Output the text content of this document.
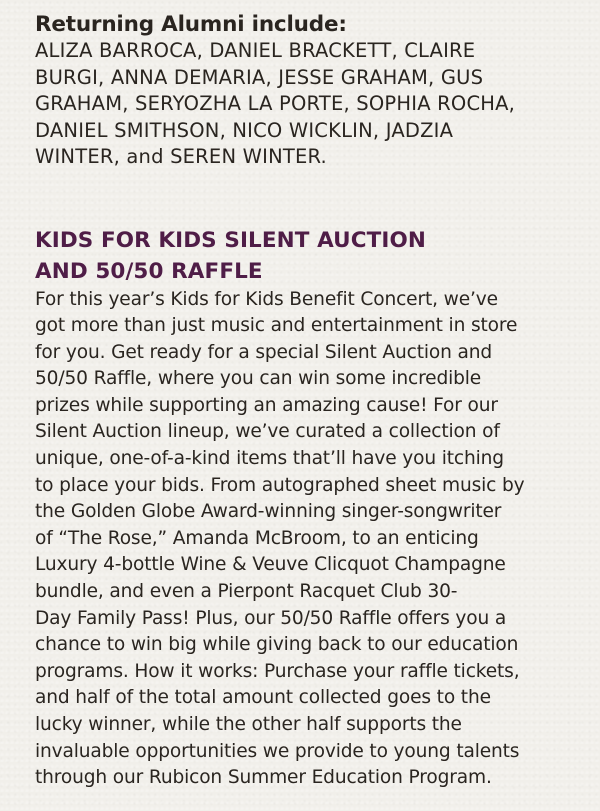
Returning Alumni include:

ALIZA BARROCA, DANIEL BRACKETT, CLAIRE
BURGI, ANNA DEMARIA, JESSE GRAHAM, GUS
GRAHAM, SERYOZHA LA PORTE, SOPHIA ROCHA,
DANIEL SMITHSON, NICO WICKLIN, JADZIA
WINTER, and SEREN WINTER.

KIDS FOR KIDS SILENT AUCTION
AND 50/50 RAFFLE

For this year’s Kids for Kids Benefit Concert, we’ve
got more than just music and entertainment in store
for you. Get ready for a special Silent Auction and
50/50 Raffle, where you can win some incredible
prizes while supporting an amazing cause! For our
Silent Auction lineup, we’ve curated a collection of
unique, one-of-a-kind items that’ll have you itching
to place your bids. From autographed sheet music by
the Golden Globe Award-winning singer-songwriter
of “The Rose,” Amanda McBroom, to an enticing
Luxury 4-bottle Wine & Veuve Clicquot Champagne
bundle, and even a Pierpont Racquet Club 30-
Day Family Pass! Plus, our 50/50 Raffle offers you a
chance to win big while giving back to our education
programs. How it works: Purchase your raffle tickets,
and half of the total amount collected goes to the
lucky winner, while the other half supports the
invaluable opportunities we provide to young talents
through our Rubicon Summer Education Program.
